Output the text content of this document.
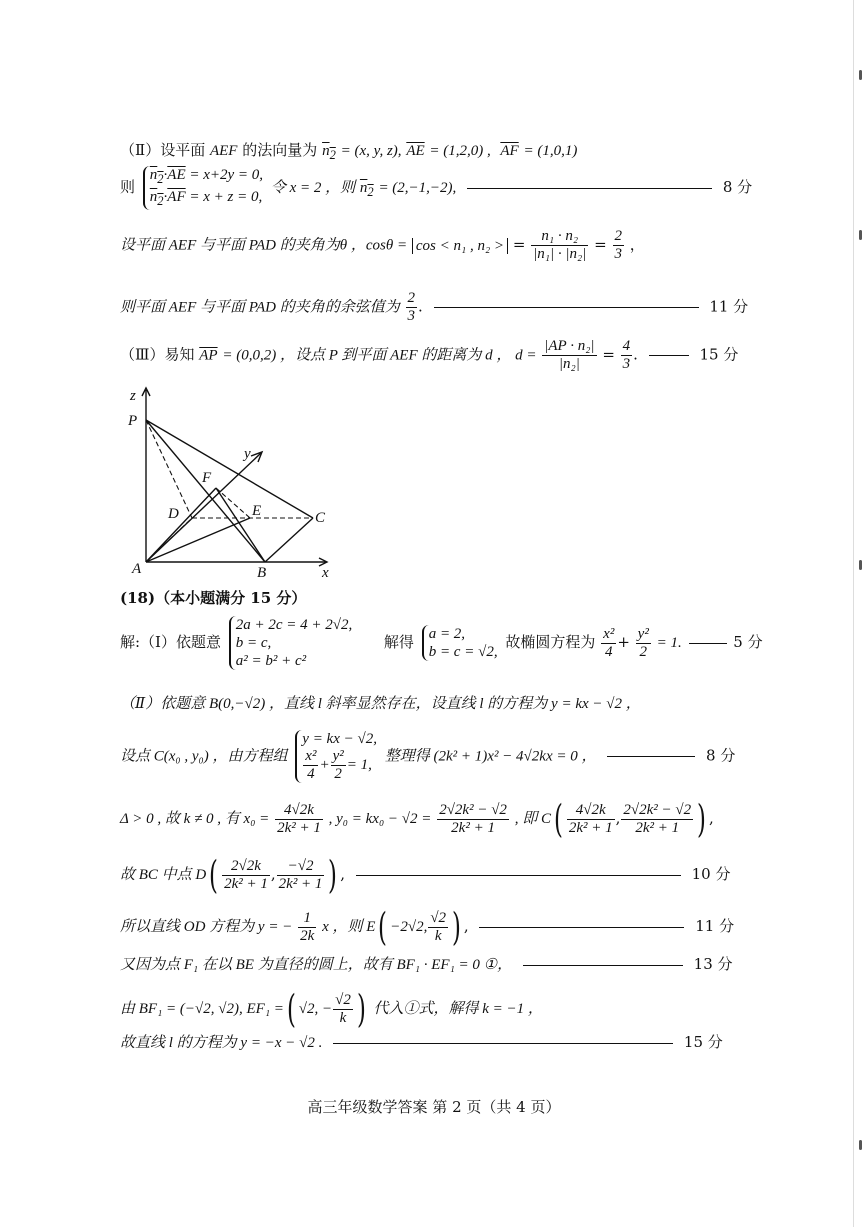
（Ⅱ）设平面 AEF 的法向量为 $n_2 = (x$, y, z), $\overline{AE} = (1,2,0)$ , $\overline{AF} = (1,0,1)$
则
$n_2\cdot\overline{AE} = x+2y = 0$,
$n_2\cdot\overline{AF} = x + z = 0$,
令 x = 2 ，则 $n_2 = (2,-1,-2)$,	8 分
设平面 AEF 与平面 PAD 的夹角为θ ，cosθ = cos < n₁ , n₂ > = $\frac{\text{n₁ · n₂}}{\text{|n₁| · |n₂|}} = \frac{2}{3}$ ，
则平面 AEF 与平面 PAD 的夹角的余弦值为 $\frac{2}{3}$ .	11 分
（Ⅲ）易知 $\overline{AP} = (0,0,2)$ ，设点 P 到平面 AEF 的距离为 d ， $d = \frac{\text{|AP · n₂|}}{\text{|n₂|}} = \frac{4}{3}$ .	15 分
z
P
y
F
D	E	C
A	B	x
(18)（本小题满分 15 分）
解:（Ⅰ）依题意
2a + 2c = 4 + 2√2,
b = c,
a² = b² + c²
解得 a = 2,
b = c = √2,
故椭圆方程为 $\frac{\text{x²}}{4} + \frac{\text{y²}}{2} = 1$.	5 分
（Ⅱ）依题意 B(0,−√2) ，直线 l 斜率显然存在，设直线 l 的方程为 y = kx − √2 ，
设点 C(x₀ , y₀) ，由方程组
y = kx − √2,
$\frac{\text{x²}}{4} + \frac{\text{y²}}{2} = 1$,
整理得 (2k² + 1)x² − 4√2kx = 0 ，	8 分
Δ > 0 , 故 k ≠ 0 , 有 $x_0 = \frac{4√2k}{\text{2k² + 1}}$ , $y_0 = kx_0 - √2 = \frac{\text{2√2k² − √2}}{\text{2k² + 1}}$ , 即 $C( \frac{4√2k}{\text{2k² + 1}}$ , $\frac{\text{2√2k² − √2}}{\text{2k² + 1}}$ ) ,
故 BC 中点 $D( \frac{2√2k}{\text{2k² + 1}}$ , $\frac{-√2}{\text{2k² + 1}}$ ) ,	10 分
所以直线 OD 方程为 y = − $\frac{1}{2k}$ x ，则 E( −2√2, $\frac{√2}{k}$ ) ,	11 分
又因为点 F₁ 在以 BE 为直径的圆上，故有 BF₁ · EF₁ = 0 ①，	13 分
由 BF₁ = (−√2, √2), EF₁ =( √2, − $\frac{√2}{k}$ ) 代入①式，解得 k = −1 ，
故直线 l 的方程为 y = −x − √2 .	15 分
高三年级数学答案 第 2 页（共 4 页）
